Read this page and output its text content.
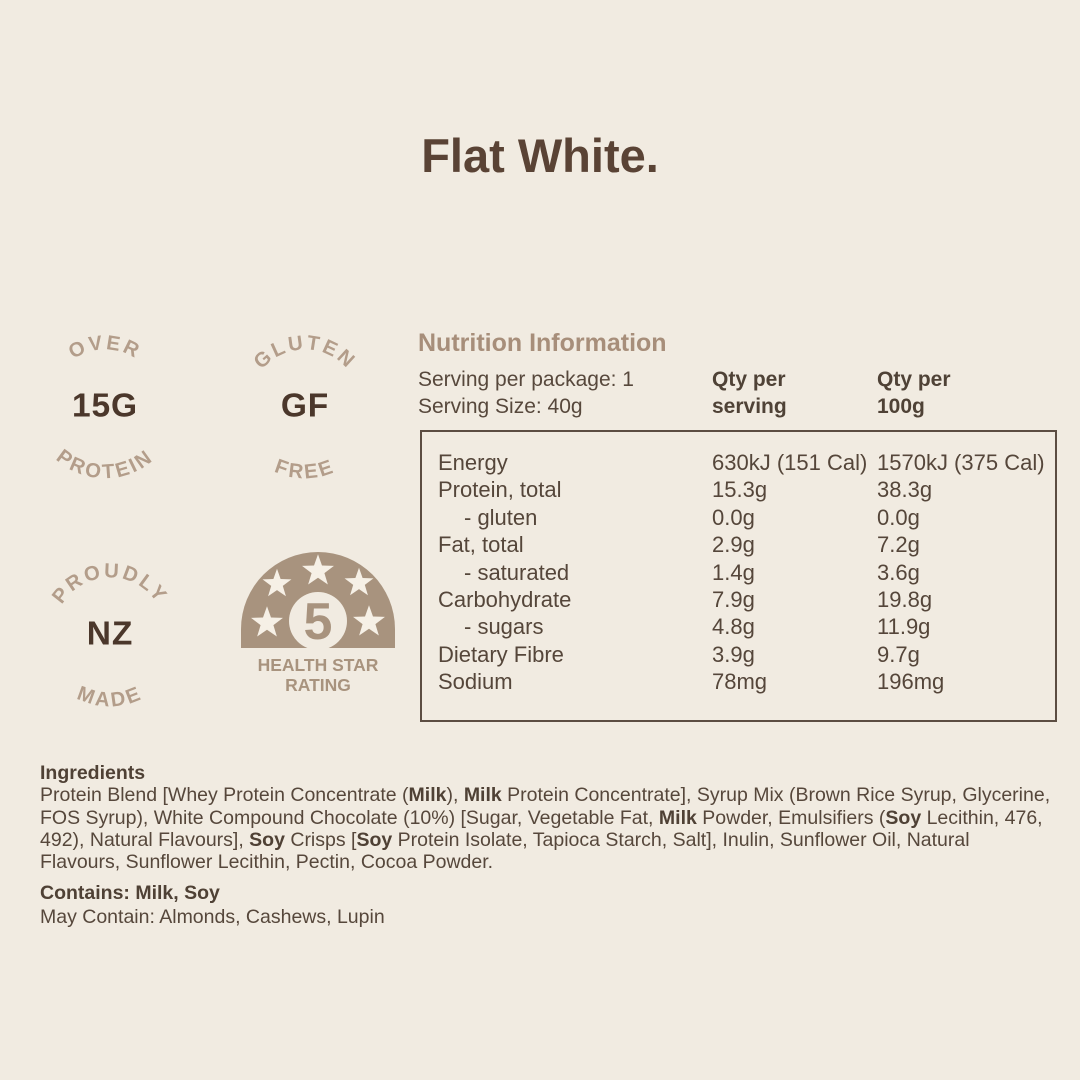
Flat White.
OVER
15G
PROTEIN
GLUTEN
GF
FREE
PROUDLY
NZ
MADE
5
HEALTH STAR
RATING
Nutrition Information
Serving per package: 1
Serving Size: 40g
Qty per
serving
Qty per
100g
Energy	630kJ (151 Cal) 1570kJ (375 Cal)
Protein, total	15.3g	38.3g
- gluten	0.0g	0.0g
Fat, total	2.9g	7.2g
- saturated	1.4g	3.6g
Carbohydrate	7.9g	19.8g
- sugars	4.8g	11.9g
Dietary Fibre	3.9g	9.7g
Sodium	78mg	196mg
Ingredients
Protein Blend [Whey Protein Concentrate (Milk), Milk Protein Concentrate], Syrup Mix (Brown Rice Syrup, Glycerine, FOS Syrup), White Compound Chocolate (10%) [Sugar, Vegetable Fat, Milk Powder, Emulsifiers (Soy Lecithin, 476, 492), Natural Flavours], Soy Crisps [Soy Protein Isolate, Tapioca Starch, Salt], Inulin, Sunflower Oil, Natural Flavours, Sunflower Lecithin, Pectin, Cocoa Powder.
Contains: Milk, Soy
May Contain: Almonds, Cashews, Lupin
